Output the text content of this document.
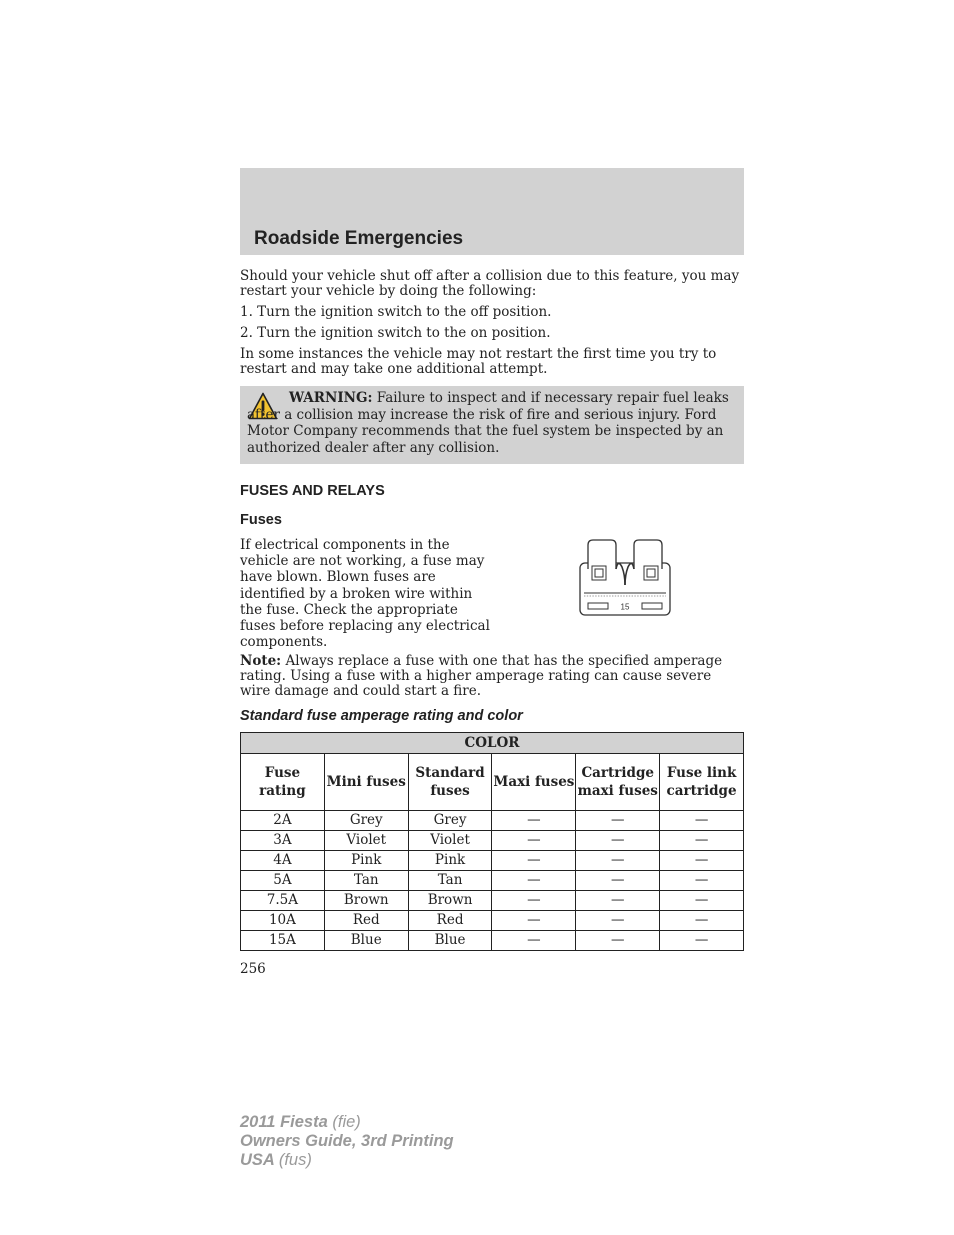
Roadside Emergencies

Should your vehicle shut off after a collision due to this feature, you may restart your vehicle by doing the following:

1. Turn the ignition switch to the off position.

2. Turn the ignition switch to the on position.

In some instances the vehicle may not restart the first time you try to restart and may take one additional attempt.

WARNING: Failure to inspect and if necessary repair fuel leaks after a collision may increase the risk of fire and serious injury. Ford Motor Company recommends that the fuel system be inspected by an authorized dealer after any collision.
FUSES AND RELAYS
Fuses

If electrical components in the vehicle are not working, a fuse may have blown. Blown fuses are identified by a broken wire within the fuse. Check the appropriate fuses before replacing any electrical components.

15

Note: Always replace a fuse with one that has the specified amperage rating. Using a fuse with a higher amperage rating can cause severe wire damage and could start a fire.

Standard fuse amperage rating and color
COLOR					
Fuse rating	Mini fuses	Standard fuses	Maxi fuses	Cartridge maxi fuses	Fuse link cartridge
2A	Grey	Grey	—	—	—
3A	Violet	Violet	—	—	—
4A	Pink	Pink	—	—	—
5A	Tan	Tan	—	—	—
7.5A	Brown	Brown	—	—	—
10A	Red	Red	—	—	—
15A	Blue	Blue	—	—	—
256
2011 Fiesta (fie)
Owners Guide, 3rd Printing
USA (fus)
